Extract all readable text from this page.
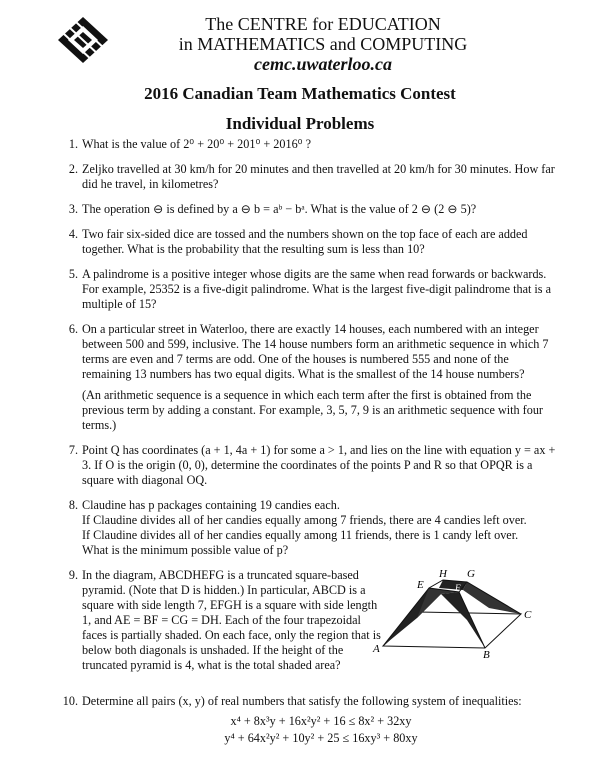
The CENTRE for EDUCATION
in MATHEMATICS and COMPUTING
cemc.uwaterloo.ca
2016 Canadian Team Mathematics Contest
Individual Problems
1. What is the value of 2⁰ + 20⁰ + 201⁰ + 2016⁰ ?

2. Zeljko travelled at 30 km/h for 20 minutes and then travelled at 20 km/h for 30 minutes. How far did he travel, in kilometres?

3. The operation ⊖ is defined by a ⊖ b = aᵇ − bᵃ. What is the value of 2 ⊖ (2 ⊖ 5)?

4. Two fair six-sided dice are tossed and the numbers shown on the top face of each are added together. What is the probability that the resulting sum is less than 10?

5. A palindrome is a positive integer whose digits are the same when read forwards or backwards. For example, 25352 is a five-digit palindrome. What is the largest five-digit palindrome that is a multiple of 15?

6. On a particular street in Waterloo, there are exactly 14 houses, each numbered with an integer between 500 and 599, inclusive. The 14 house numbers form an arithmetic sequence in which 7 terms are even and 7 terms are odd. One of the houses is numbered 555 and none of the remaining 13 numbers has two equal digits. What is the smallest of the 14 house numbers?

(An arithmetic sequence is a sequence in which each term after the first is obtained from the previous term by adding a constant. For example, 3, 5, 7, 9 is an arithmetic sequence with four terms.)

7. Point Q has coordinates (a + 1, 4a + 1) for some a > 1, and lies on the line with equation y = ax + 3. If O is the origin (0, 0), determine the coordinates of the points P and R so that OPQR is a square with diagonal OQ.

8. Claudine has p packages containing 19 candies each.

If Claudine divides all of her candies equally among 7 friends, there are 4 candies left over.

If Claudine divides all of her candies equally among 11 friends, there is 1 candy left over.

What is the minimum possible value of p?

9. In the diagram, ABCDHEFG is a truncated square-based pyramid. (Note that D is hidden.) In particular, ABCD is a square with side length 7, EFGH is a square with side length 1, and AE = BF = CG = DH. Each of the four trapezoidal faces is partially shaded. On each face, only the region that is below both diagonals is unshaded. If the height of the truncated pyramid is 4, what is the total shaded area?

H G
E	F
A	B
C
10. Determine all pairs (x, y) of real numbers that satisfy the following system of inequalities:

x⁴ + 8x³y + 16x²y² + 16 ≤ 8x² + 32xy
y⁴ + 64x²y² + 10y² + 25 ≤ 16xy³ + 80xy
